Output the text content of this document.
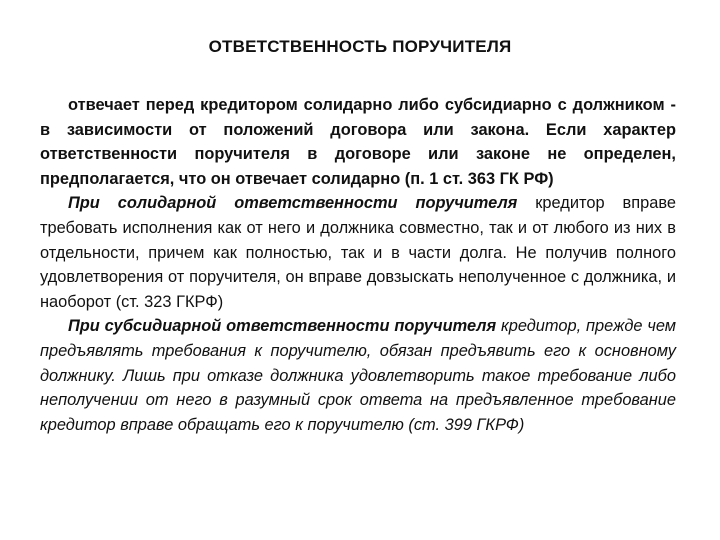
ОТВЕТСТВЕННОСТЬ ПОРУЧИТЕЛЯ

отвечает перед кредитором солидарно либо субсидиарно с должником - в зависимости от положений договора или закона. Если характер ответственности поручителя в договоре или законе не определен, предполагается, что он отвечает солидарно (п. 1 ст. 363 ГК РФ)

При солидарной ответственности поручителя кредитор вправе требовать исполнения как от него и должника совместно, так и от любого из них в отдельности, причем как полностью, так и в части долга. Не получив полного удовлетворения от поручителя, он вправе довзыскать неполученное с должника, и наоборот (ст. 323 ГКРФ)

При субсидиарной ответственности поручителя кредитор, прежде чем предъявлять требования к поручителю, обязан предъявить его к основному должнику. Лишь при отказе должника удовлетворить такое требование либо неполучении от него в разумный срок ответа на предъявленное требование кредитор вправе обращать его к поручителю (ст. 399 ГКРФ)
